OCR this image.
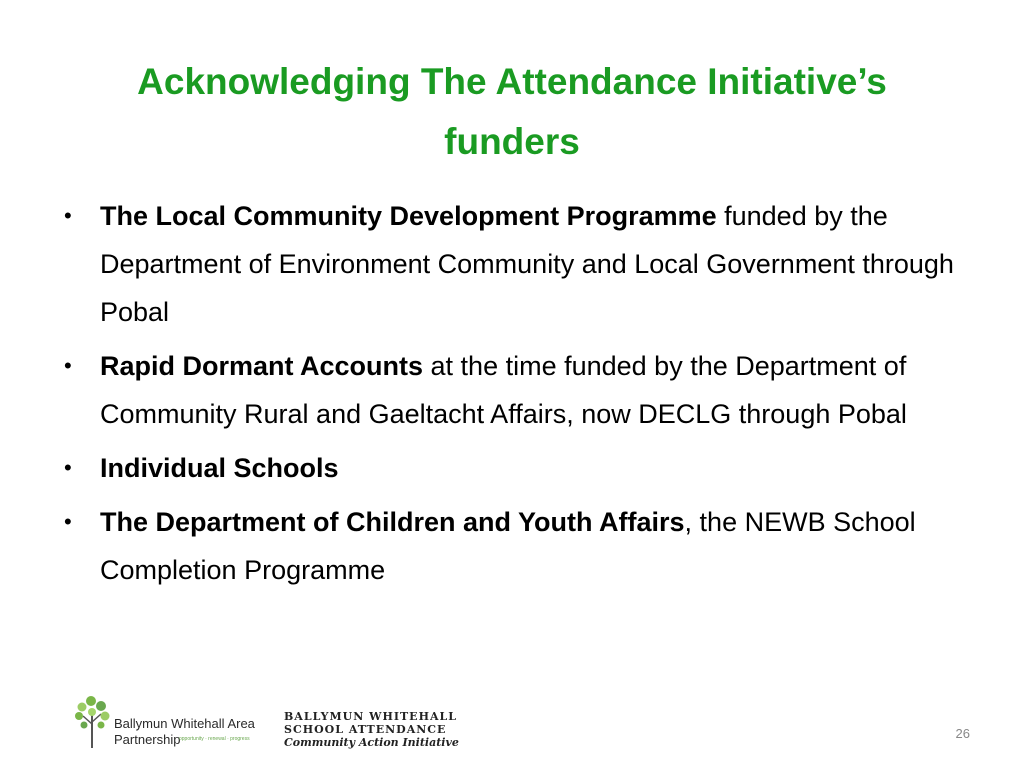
Acknowledging The Attendance Initiative’s funders
• The Local Community Development Programme funded by the Department of Environment Community and Local Government through Pobal
• Rapid Dormant Accounts at the time funded by the Department of Community Rural and Gaeltacht Affairs, now DECLG through Pobal
• Individual Schools
• The Department of Children and Youth Affairs, the NEWB School Completion Programme
Ballymun Whitehall Area
Partnership
opportunity · renewal · progress
BALLYMUN WHITEHALL
SCHOOL ATTENDANCE
Community Action Initiative
26
